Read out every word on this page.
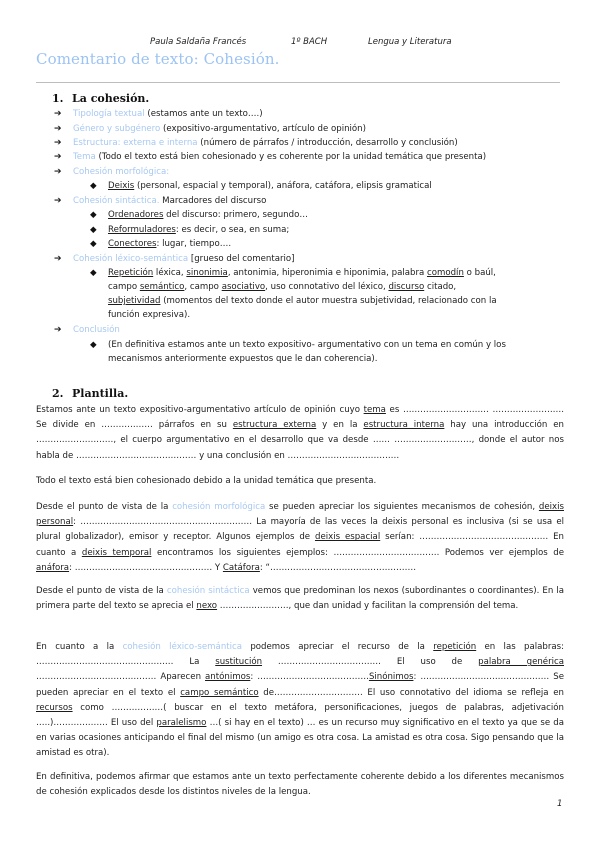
Paula Saldaña Francés	1º BACH	Lengua y Literatura
Comentario de texto: Cohesión.
1. La cohesión.
➔ Tipología textual (estamos ante un texto….)
➔ Género y subgénero (expositivo-argumentativo, artículo de opinión)
➔ Estructura: externa e interna (número de párrafos / introducción, desarrollo y conclusión)
➔ Tema (Todo el texto está bien cohesionado y es coherente por la unidad temática que presenta)
➔ Cohesión morfológica:
◆ Deixis (personal, espacial y temporal), anáfora, catáfora, elipsis gramatical
➔ Cohesión sintáctica. Marcadores del discurso
◆ Ordenadores del discurso: primero, segundo…
◆ Reformuladores: es decir, o sea, en suma;
◆ Conectores: lugar, tiempo….
➔ Cohesión léxico-semántica [grueso del comentario]
◆ Repetición léxica, sinonimia, antonimia, hiperonimia e hiponimia, palabra comodín o baúl,
campo semántico, campo asociativo, uso connotativo del léxico, discurso citado,
subjetividad (momentos del texto donde el autor muestra subjetividad, relacionado con la
función expresiva).
➔ Conclusión
◆ (En definitiva estamos ante un texto expositivo- argumentativo con un tema en común y los
mecanismos anteriormente expuestos que le dan coherencia).
2. Plantilla.
Estamos ante un texto expositivo-argumentativo artículo de opinión cuyo tema es ………………………… ……………………. Se divide en ……………… párrafos en su estructura externa y en la estructura interna hay una introducción en ………………………, el cuerpo argumentativo en el desarrollo que va desde …… ………………………, donde el autor nos habla de …………………………………… y una conclusión en …………………………………
Todo el texto está bien cohesionado debido a la unidad temática que presenta.
Desde el punto de vista de la cohesión morfológica se pueden apreciar los siguientes mecanismos de cohesión, deixis personal: …………………………………………………… La mayoría de las veces la deixis personal es inclusiva (si se usa el plural globalizador), emisor y receptor. Algunos ejemplos de deixis espacial serían: ……………………………………… En cuanto a deixis temporal encontramos los siguientes ejemplos: ………………………………. Podemos ver ejemplos de anáfora: ………………………………………… Y Catáfora: “……………………………………………
Desde el punto de vista de la cohesión sintáctica vemos que predominan los nexos (subordinantes o coordinantes). En la primera parte del texto se aprecia el nexo ……………………, que dan unidad y facilitan la comprensión del tema.
En cuanto a la cohesión léxico-semántica podemos apreciar el recurso de la repetición en las palabras: ………………………………………… La sustitución ……………………………… El uso de palabra genérica …………………………………… Aparecen antónimos: …………………………………Sinónimos: ……………………………………… Se pueden apreciar en el texto el campo semántico de…………………………. El uso connotativo del idioma se refleja en recursos como ………………( buscar en el texto metáfora, personificaciones, juegos de palabras, adjetivación …..)………………. El uso del paralelismo …( si hay en el texto) … es un recurso muy significativo en el texto ya que se da en varias ocasiones anticipando el final del mismo (un amigo es otra cosa. La amistad es otra cosa. Sigo pensando que la amistad es otra).
En definitiva, podemos afirmar que estamos ante un texto perfectamente coherente debido a los diferentes mecanismos de cohesión explicados desde los distintos niveles de la lengua.
1
